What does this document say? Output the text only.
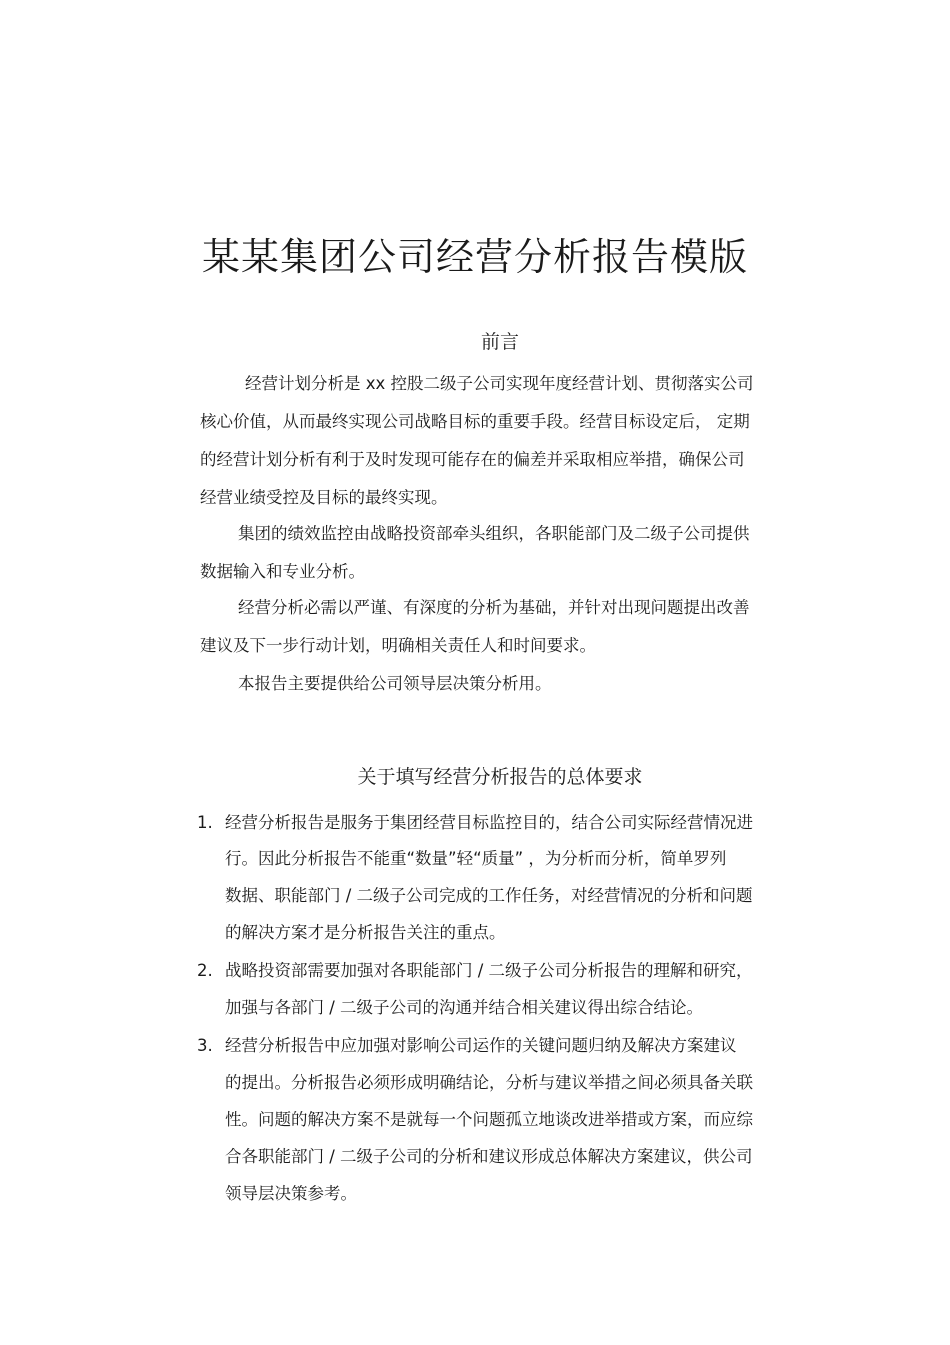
某某集团公司经营分析报告模版
前言
经营计划分析是 xx 控股二级子公司实现年度经营计划、贯彻落实公司
核心价值，从而最终实现公司战略目标的重要手段。经营目标设定后， 定期
的经营计划分析有利于及时发现可能存在的偏差并采取相应举措，确保公司
经营业绩受控及目标的最终实现。
集团的绩效监控由战略投资部牵头组织，各职能部门及二级子公司提供
数据输入和专业分析。
经营分析必需以严谨、有深度的分析为基础，并针对出现问题提出改善
建议及下一步行动计划，明确相关责任人和时间要求。
本报告主要提供给公司领导层决策分析用。
关于填写经营分析报告的总体要求
1. 经营分析报告是服务于集团经营目标监控目的，结合公司实际经营情况进
行。因此分析报告不能重“数量”轻“质量” ，为分析而分析，简单罗列
数据、职能部门 / 二级子公司完成的工作任务，对经营情况的分析和问题
的解决方案才是分析报告关注的重点。
2. 战略投资部需要加强对各职能部门 / 二级子公司分析报告的理解和研究，
加强与各部门 / 二级子公司的沟通并结合相关建议得出综合结论。
3. 经营分析报告中应加强对影响公司运作的关键问题归纳及解决方案建议
的提出。分析报告必须形成明确结论，分析与建议举措之间必须具备关联
性。问题的解决方案不是就每一个问题孤立地谈改进举措或方案，而应综
合各职能部门 / 二级子公司的分析和建议形成总体解决方案建议，供公司
领导层决策参考。
